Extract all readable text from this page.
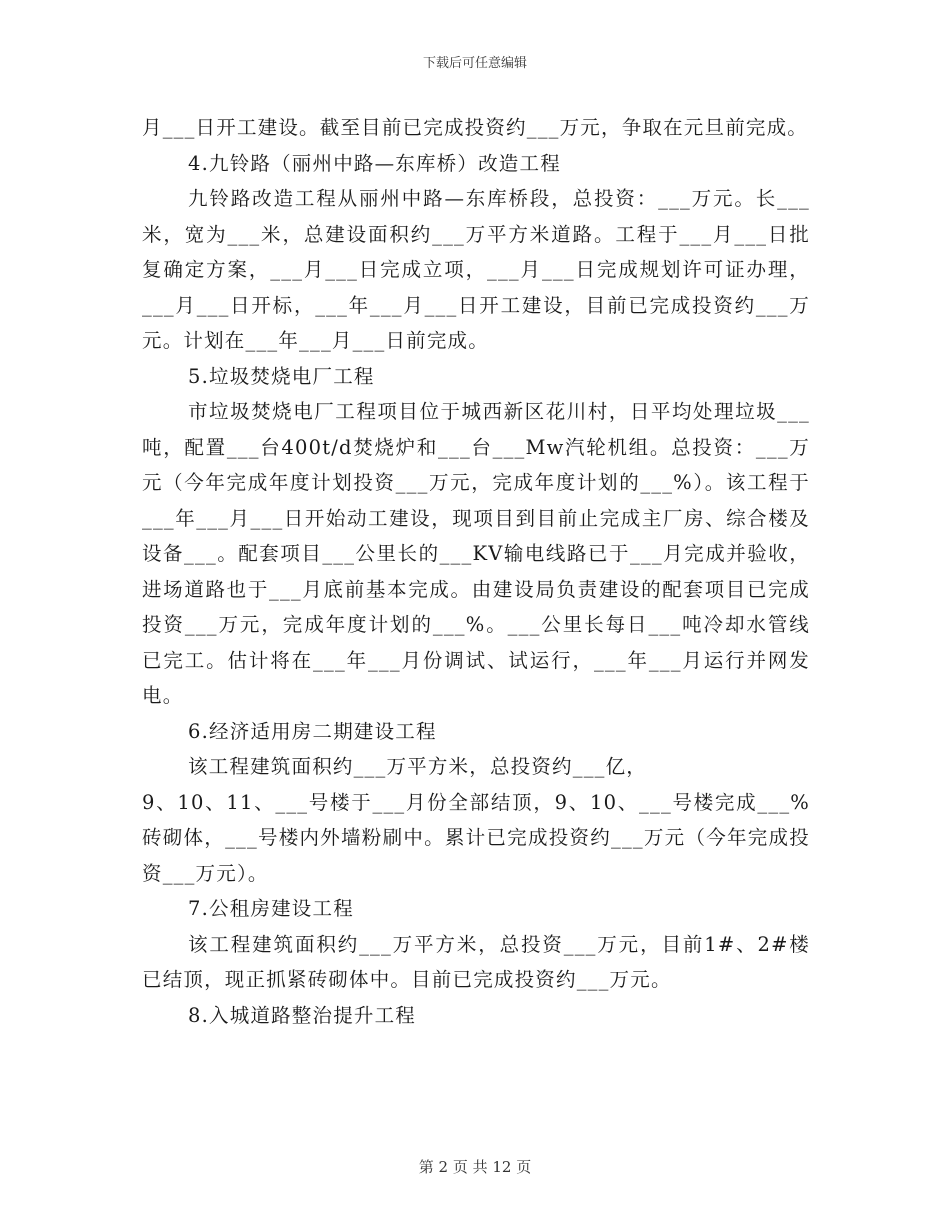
下载后可任意编辑

月___日开工建设。截至目前已完成投资约___万元，争取在元旦前完成。

4.九铃路（丽州中路—东库桥）改造工程

九铃路改造工程从丽州中路—东库桥段，总投资：___万元。长___米，宽为___米，总建设面积约___万平方米道路。工程于___月___日批复确定方案，___月___日完成立项，___月___日完成规划许可证办理，___月___日开标，___年___月___日开工建设，目前已完成投资约___万元。计划在___年___月___日前完成。

5.垃圾焚烧电厂工程

市垃圾焚烧电厂工程项目位于城西新区花川村，日平均处理垃圾___吨，配置___台400t/d焚烧炉和___台___Mw汽轮机组。总投资：___万元（今年完成年度计划投资___万元，完成年度计划的___%）。该工程于___年___月___日开始动工建设，现项目到目前止完成主厂房、综合楼及设备___。配套项目___公里长的___KV输电线路已于___月完成并验收，进场道路也于___月底前基本完成。由建设局负责建设的配套项目已完成投资___万元，完成年度计划的___%。___公里长每日___吨冷却水管线已完工。估计将在___年___月份调试、试运行，___年___月运行并网发电。

6.经济适用房二期建设工程

该工程建筑面积约___万平方米，总投资约___亿，

9、10、11、___号楼于___月份全部结顶，9、10、___号楼完成___%砖砌体，___号楼内外墙粉刷中。累计已完成投资约___万元（今年完成投资___万元）。

7.公租房建设工程

该工程建筑面积约___万平方米，总投资___万元，目前1#、2#楼已结顶，现正抓紧砖砌体中。目前已完成投资约___万元。

8.入城道路整治提升工程

第 2 页 共 12 页
